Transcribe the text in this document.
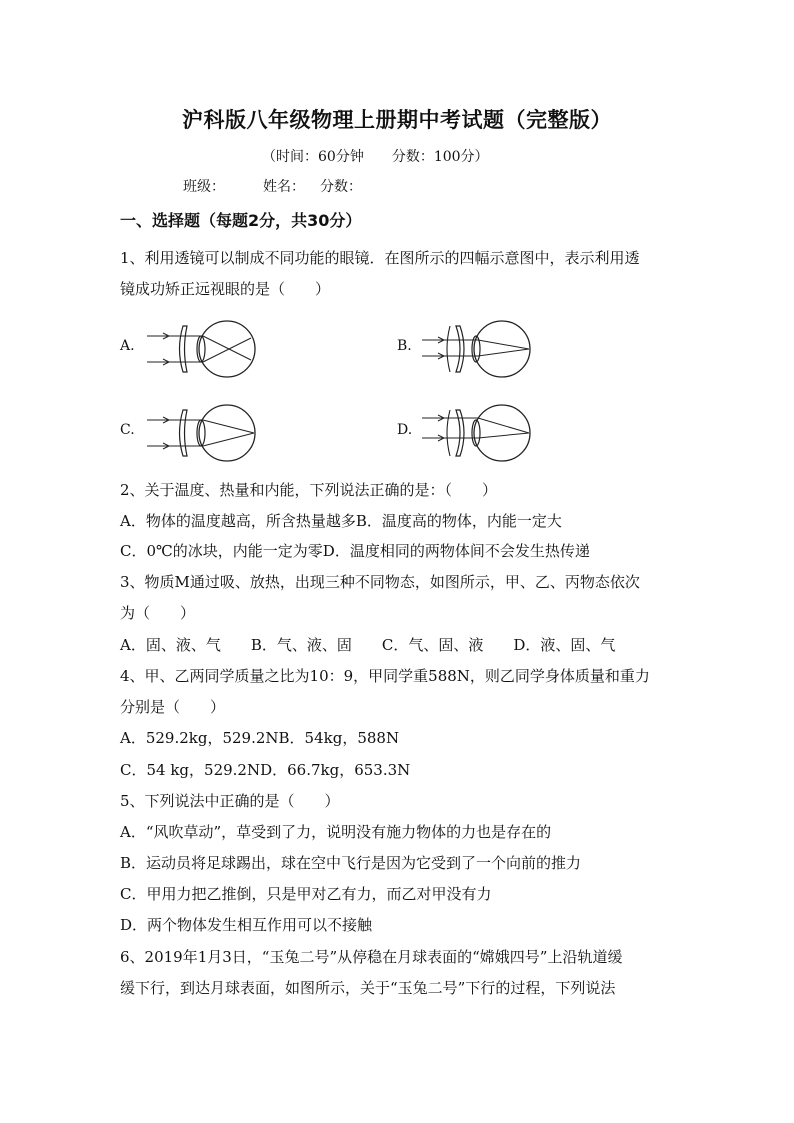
沪科版八年级物理上册期中考试题（完整版）
（时间：60分钟　　分数：100分）
班级：	姓名： 分数：
一、选择题（每题2分，共30分）
1、利用透镜可以制成不同功能的眼镜．在图所示的四幅示意图中，表示利用透
镜成功矫正远视眼的是（　　）
A.	B.
C.	D.
2、关于温度、热量和内能，下列说法正确的是：（　　）
A．物体的温度越高，所含热量越多B．温度高的物体，内能一定大
C．0℃的冰块，内能一定为零D．温度相同的两物体间不会发生热传递
3、物质M通过吸、放热，出现三种不同物态，如图所示，甲、乙、丙物态依次
为（　　）
A．固、液、气　　B．气、液、固　　C．气、固、液　　D．液、固、气
4、甲、乙两同学质量之比为10：9，甲同学重588N，则乙同学身体质量和重力
分别是（　　）
A．529.2kg，529.2NB．54kg，588N
C．54 kg，529.2ND．66.7kg，653.3N
5、下列说法中正确的是（　　）
A．“风吹草动”，草受到了力，说明没有施力物体的力也是存在的
B．运动员将足球踢出，球在空中飞行是因为它受到了一个向前的推力
C．甲用力把乙推倒，只是甲对乙有力，而乙对甲没有力
D．两个物体发生相互作用可以不接触
6、2019年1月3日，“玉兔二号”从停稳在月球表面的“嫦娥四号”上沿轨道缓
缓下行，到达月球表面，如图所示，关于“玉兔二号”下行的过程，下列说法
